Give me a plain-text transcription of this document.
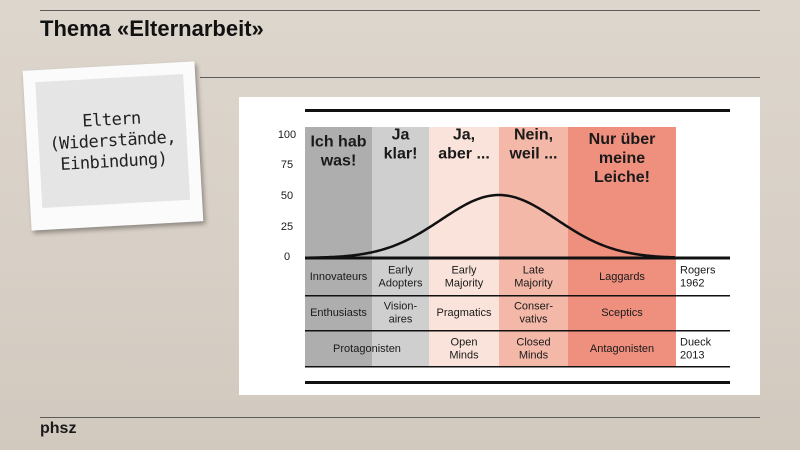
Thema «Elternarbeit»
Eltern
(Widerstände,
Einbindung)
100
75
50
25
0
Ich hab was!
Ja klar!
Ja, aber ...
Nein, weil ...
Nur über meine Leiche!
Innovateurs
Early Adopters
Early Majority
Late Majority
Laggards
Rogers 1962
Enthusiasts
Vision-aires
Pragmatics
Conser-vativs
Sceptics
Protagonisten
Open Minds
Closed Minds
Antagonisten
Dueck 2013
phsz
